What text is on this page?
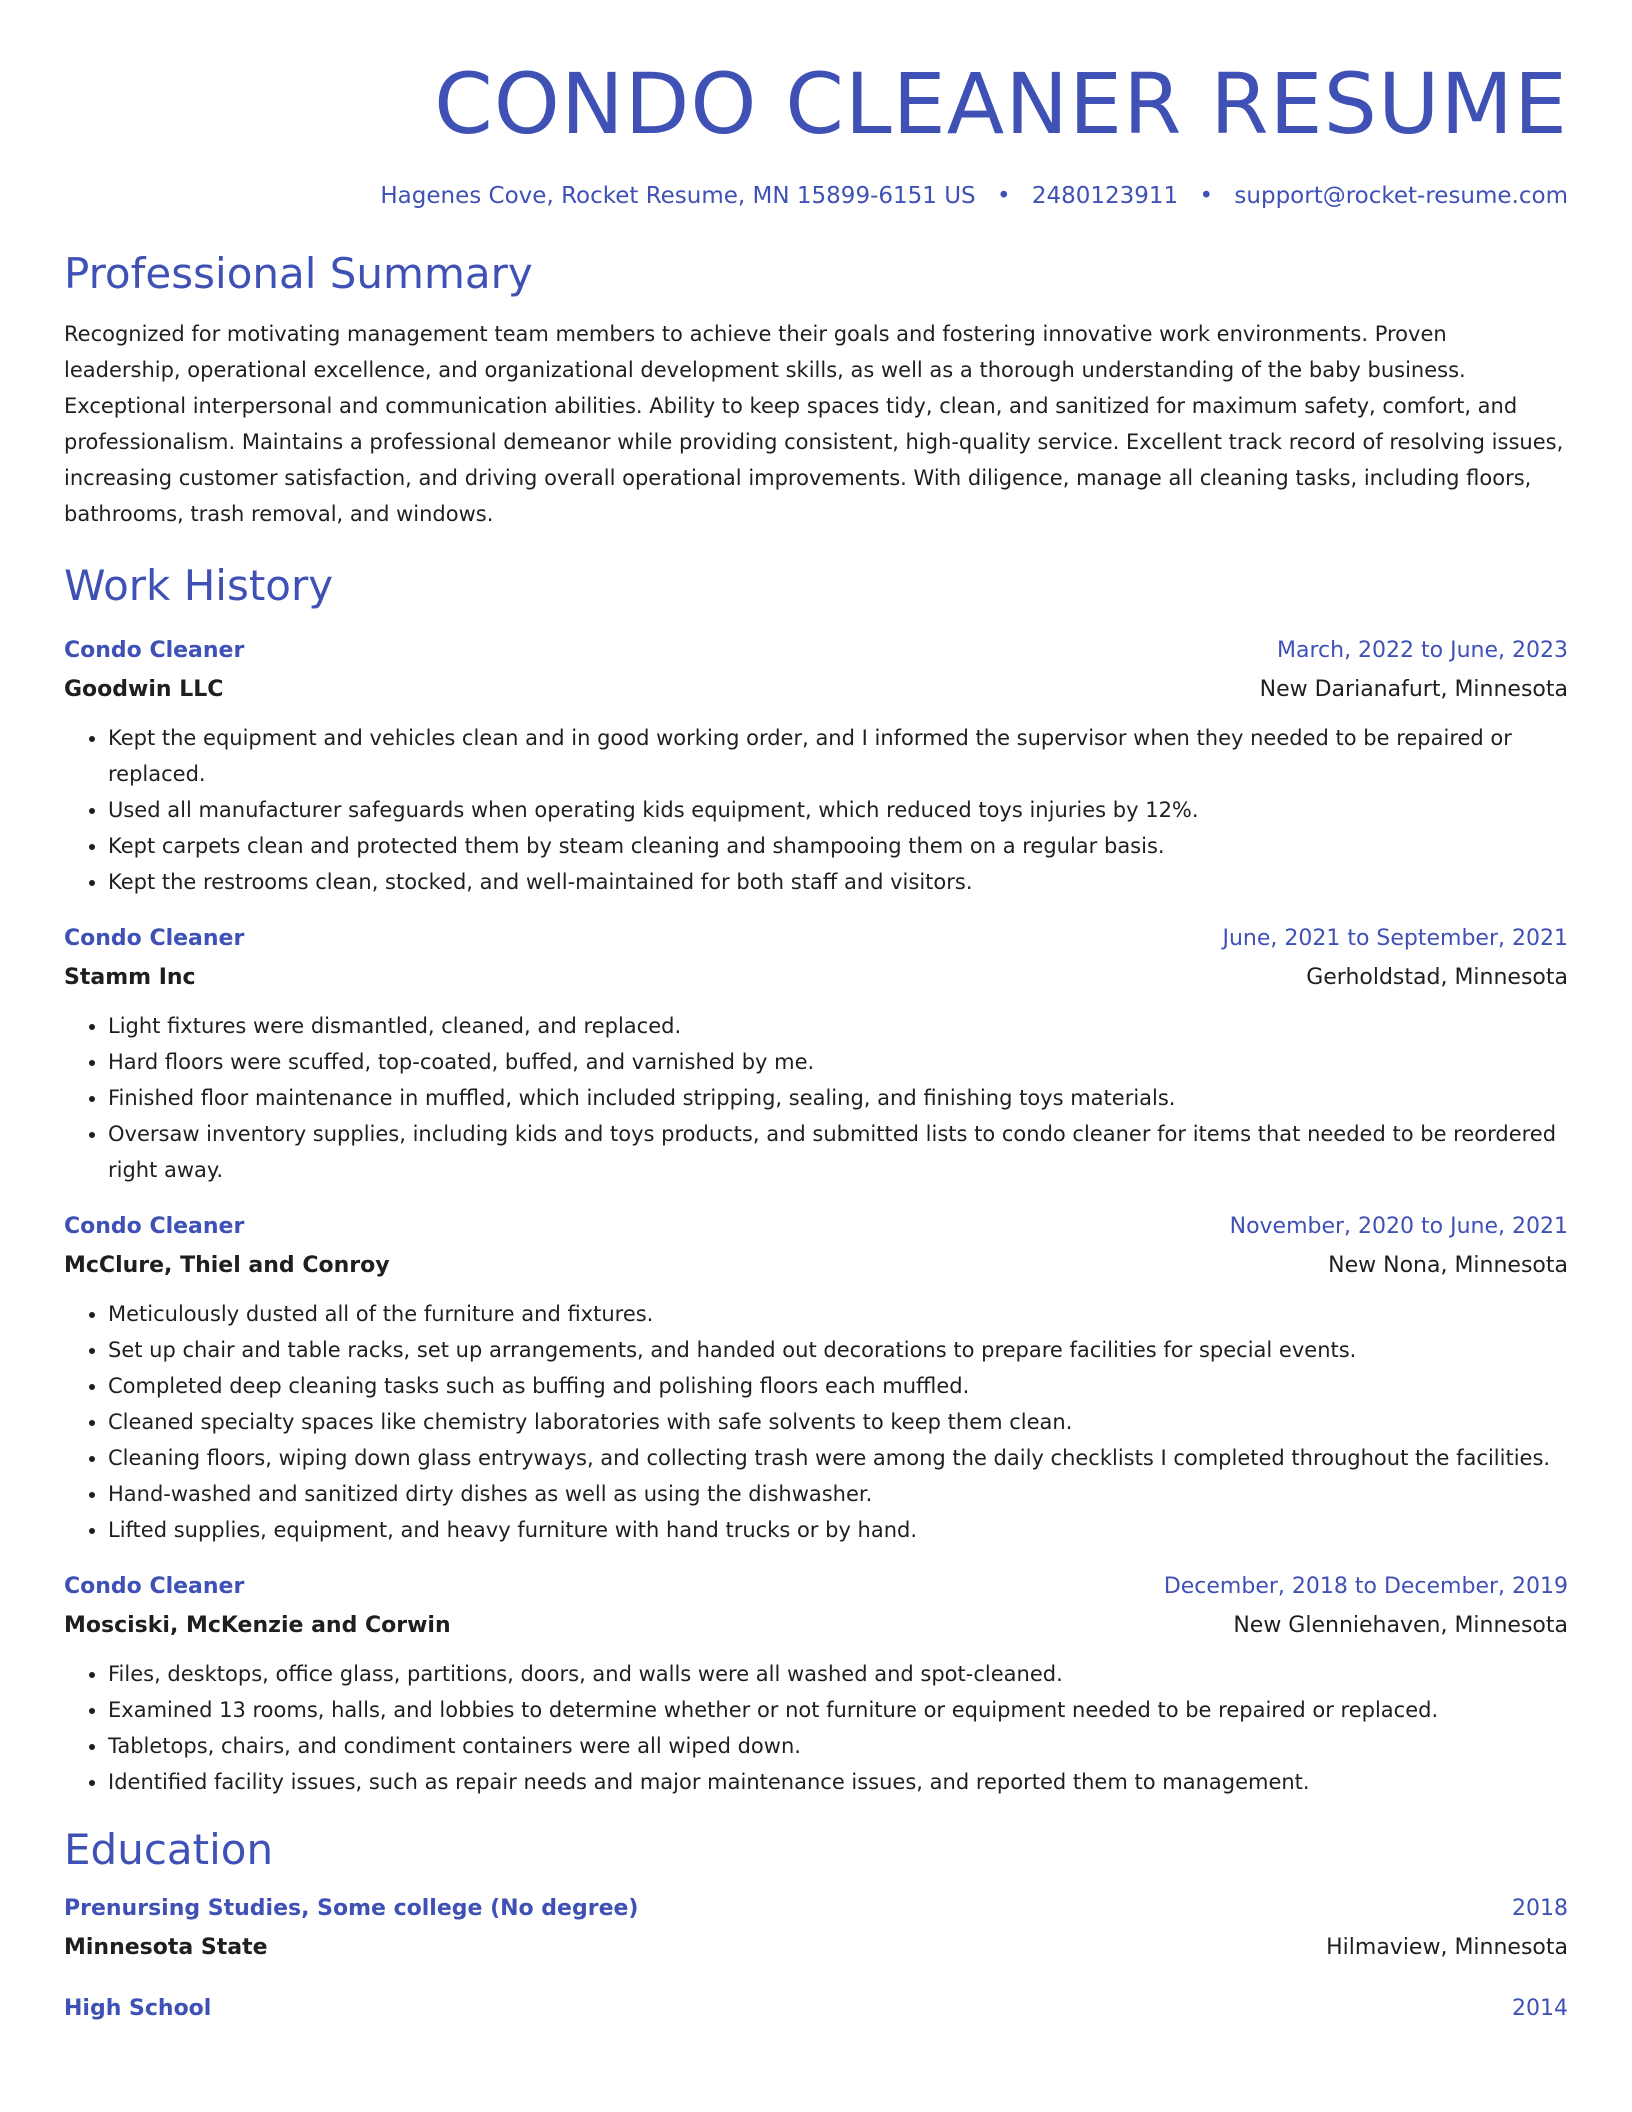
CONDO CLEANER RESUME
Hagenes Cove, Rocket Resume, MN 15899-6151 US • 2480123911 • support@rocket-resume.com
Professional Summary
Recognized for motivating management team members to achieve their goals and fostering innovative work environments. Proven leadership, operational excellence, and organizational development skills, as well as a thorough understanding of the baby business. Exceptional interpersonal and communication abilities. Ability to keep spaces tidy, clean, and sanitized for maximum safety, comfort, and professionalism. Maintains a professional demeanor while providing consistent, high-quality service. Excellent track record of resolving issues, increasing customer satisfaction, and driving overall operational improvements. With diligence, manage all cleaning tasks, including floors, bathrooms, trash removal, and windows.
Work History
Condo Cleaner	March, 2022 to June, 2023
Goodwin LLC	New Darianafurt, Minnesota
• Kept the equipment and vehicles clean and in good working order, and I informed the supervisor when they needed to be repaired or replaced.
• Used all manufacturer safeguards when operating kids equipment, which reduced toys injuries by 12%.
• Kept carpets clean and protected them by steam cleaning and shampooing them on a regular basis.
• Kept the restrooms clean, stocked, and well-maintained for both staff and visitors.
Condo Cleaner	June, 2021 to September, 2021
Stamm Inc	Gerholdstad, Minnesota
• Light fixtures were dismantled, cleaned, and replaced.
• Hard floors were scuffed, top-coated, buffed, and varnished by me.
• Finished floor maintenance in muffled, which included stripping, sealing, and finishing toys materials.
• Oversaw inventory supplies, including kids and toys products, and submitted lists to condo cleaner for items that needed to be reordered right away.
Condo Cleaner	November, 2020 to June, 2021
McClure, Thiel and Conroy	New Nona, Minnesota
• Meticulously dusted all of the furniture and fixtures.
• Set up chair and table racks, set up arrangements, and handed out decorations to prepare facilities for special events.
• Completed deep cleaning tasks such as buffing and polishing floors each muffled.
• Cleaned specialty spaces like chemistry laboratories with safe solvents to keep them clean.
• Cleaning floors, wiping down glass entryways, and collecting trash were among the daily checklists I completed throughout the facilities.
• Hand-washed and sanitized dirty dishes as well as using the dishwasher.
• Lifted supplies, equipment, and heavy furniture with hand trucks or by hand.
Condo Cleaner	December, 2018 to December, 2019
Mosciski, McKenzie and Corwin	New Glenniehaven, Minnesota
• Files, desktops, office glass, partitions, doors, and walls were all washed and spot-cleaned.
• Examined 13 rooms, halls, and lobbies to determine whether or not furniture or equipment needed to be repaired or replaced.
• Tabletops, chairs, and condiment containers were all wiped down.
• Identified facility issues, such as repair needs and major maintenance issues, and reported them to management.
Education
Prenursing Studies, Some college (No degree)	2018
Minnesota State	Hilmaview, Minnesota
High School	2014
